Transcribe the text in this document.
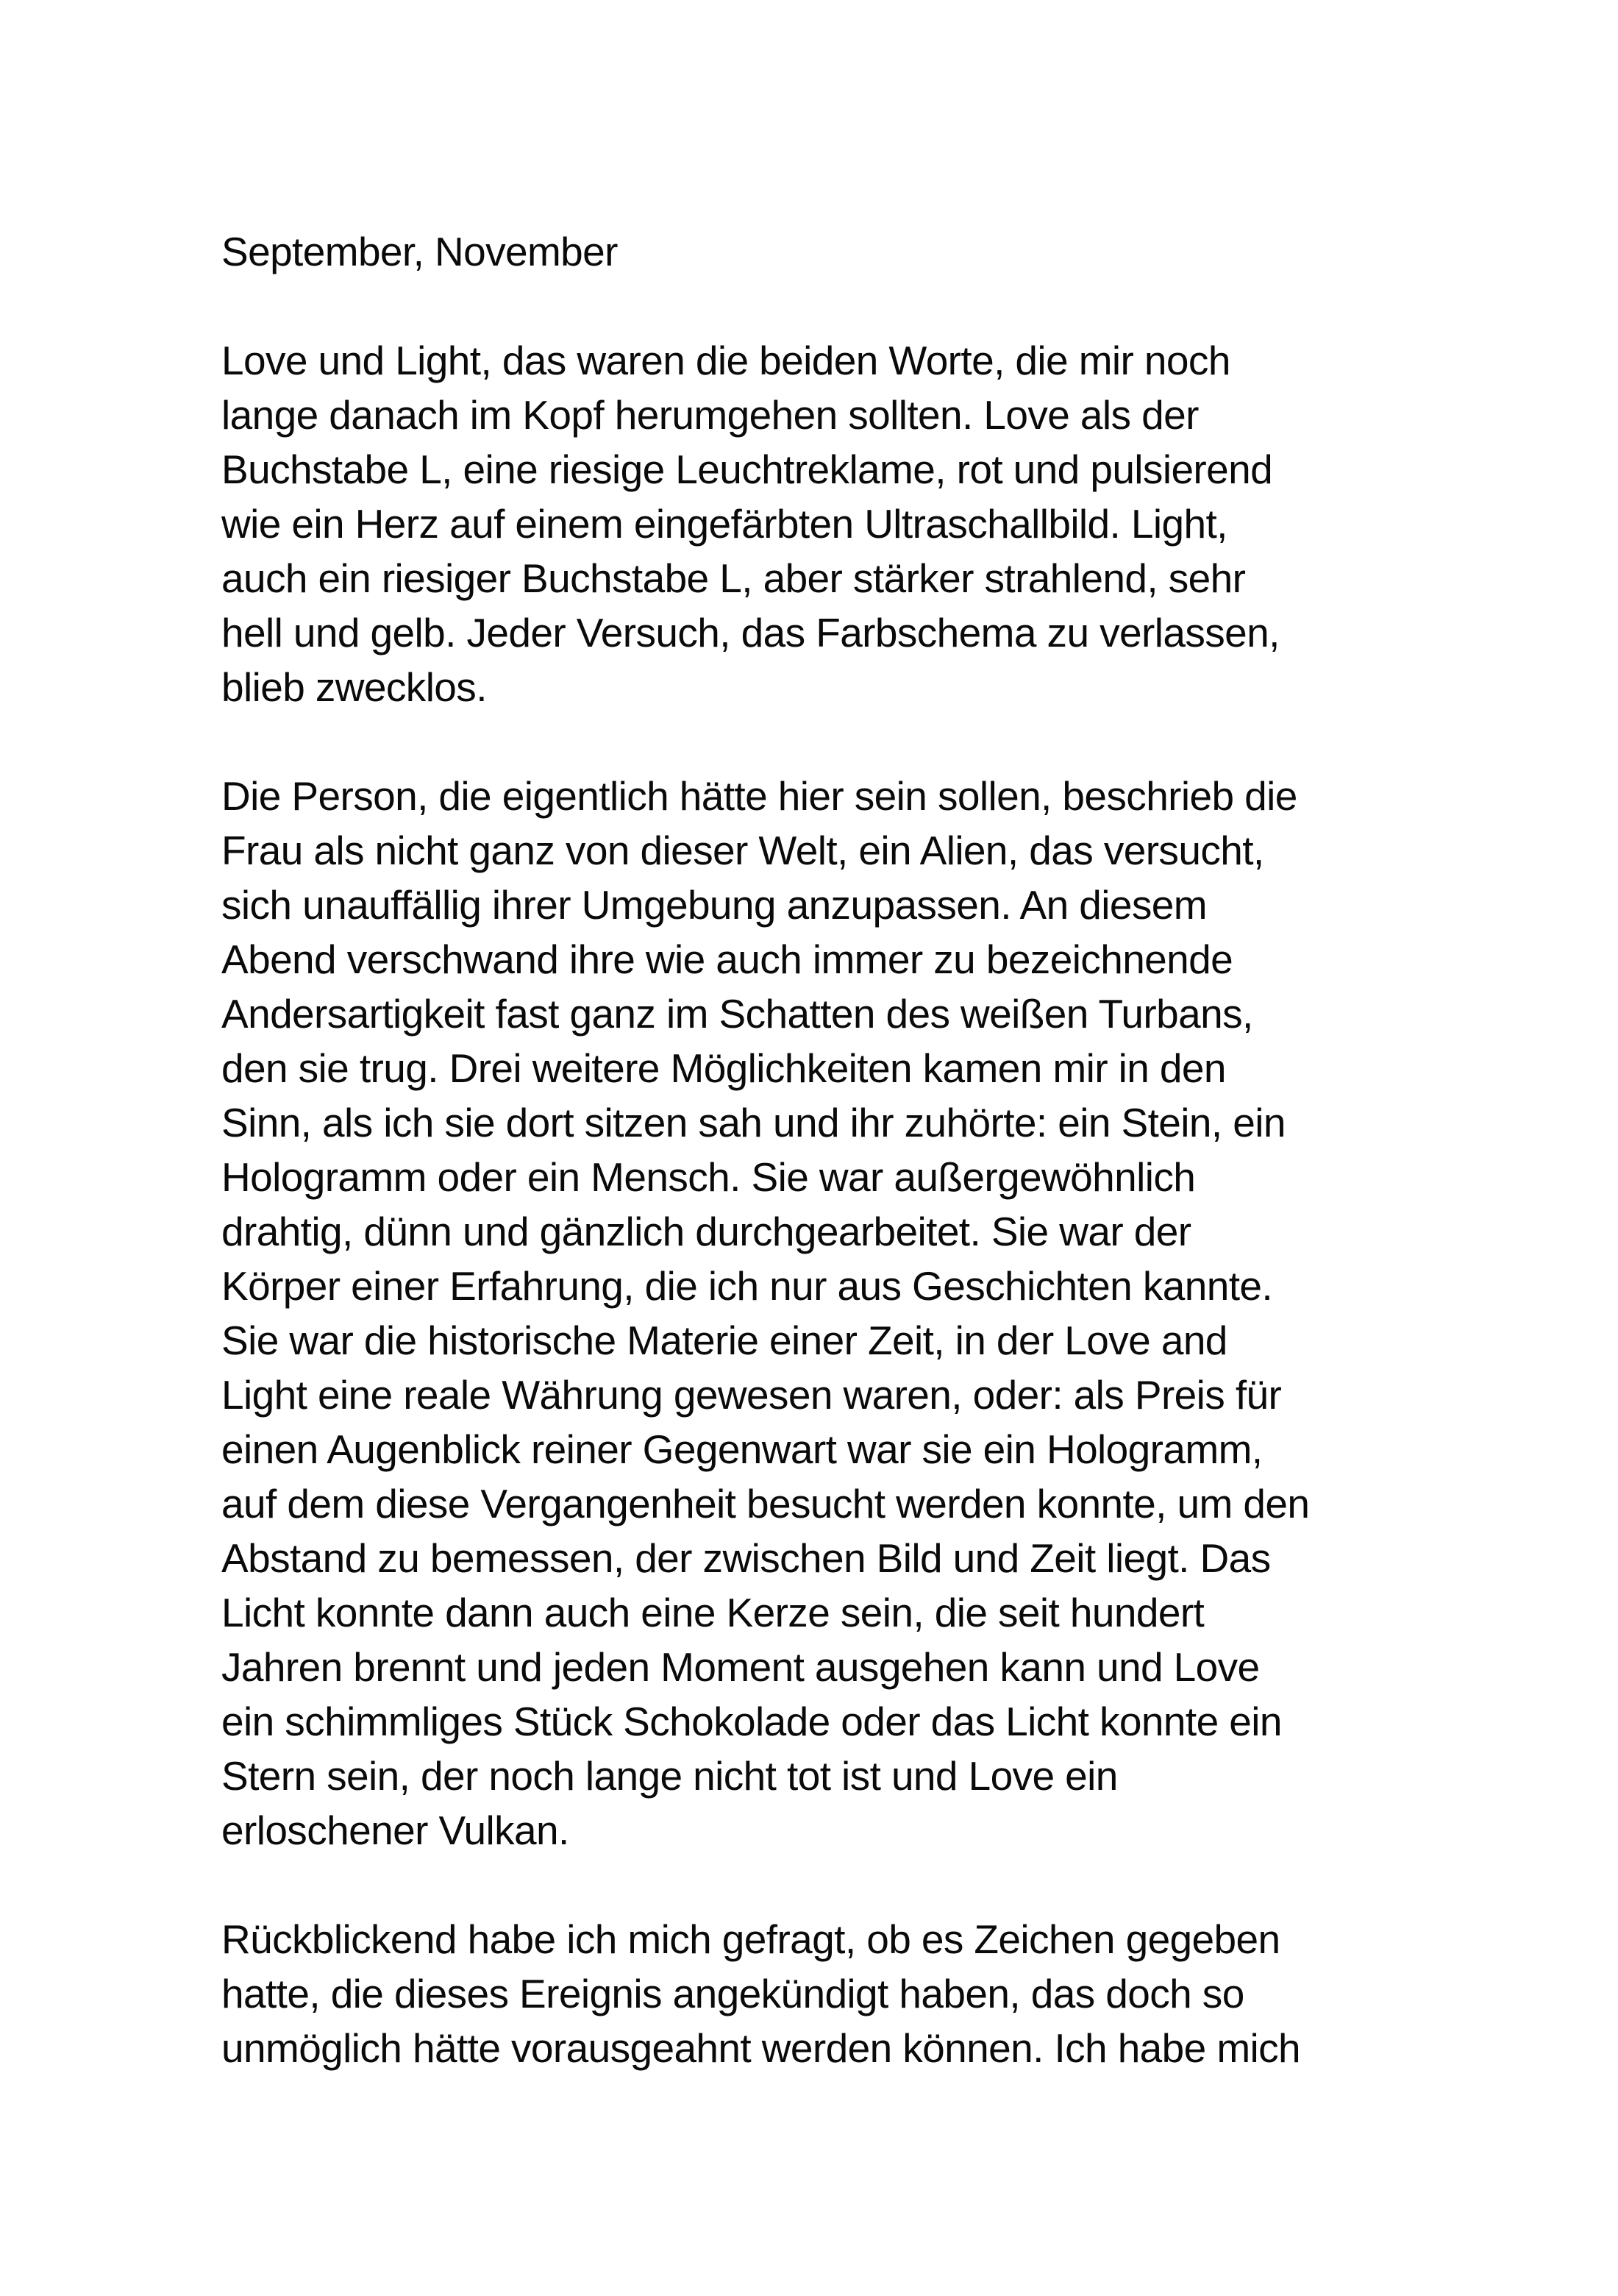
September, November
Love und Light, das waren die beiden Worte, die mir noch
lange danach im Kopf herumgehen sollten. Love als der
Buchstabe L, eine riesige Leuchtreklame, rot und pulsierend
wie ein Herz auf einem eingefärbten Ultraschallbild. Light,
auch ein riesiger Buchstabe L, aber stärker strahlend, sehr
hell und gelb. Jeder Versuch, das Farbschema zu verlassen,
blieb zwecklos.
Die Person, die eigentlich hätte hier sein sollen, beschrieb die
Frau als nicht ganz von dieser Welt, ein Alien, das versucht,
sich unauffällig ihrer Umgebung anzupassen. An diesem
Abend verschwand ihre wie auch immer zu bezeichnende
Andersartigkeit fast ganz im Schatten des weißen Turbans,
den sie trug. Drei weitere Möglichkeiten kamen mir in den
Sinn, als ich sie dort sitzen sah und ihr zuhörte: ein Stein, ein
Hologramm oder ein Mensch. Sie war außergewöhnlich
drahtig, dünn und gänzlich durchgearbeitet. Sie war der
Körper einer Erfahrung, die ich nur aus Geschichten kannte.
Sie war die historische Materie einer Zeit, in der Love and
Light eine reale Währung gewesen waren, oder: als Preis für
einen Augenblick reiner Gegenwart war sie ein Hologramm,
auf dem diese Vergangenheit besucht werden konnte, um den
Abstand zu bemessen, der zwischen Bild und Zeit liegt. Das
Licht konnte dann auch eine Kerze sein, die seit hundert
Jahren brennt und jeden Moment ausgehen kann und Love
ein schimmliges Stück Schokolade oder das Licht konnte ein
Stern sein, der noch lange nicht tot ist und Love ein
erloschener Vulkan.
Rückblickend habe ich mich gefragt, ob es Zeichen gegeben
hatte, die dieses Ereignis angekündigt haben, das doch so
unmöglich hätte vorausgeahnt werden können. Ich habe mich
